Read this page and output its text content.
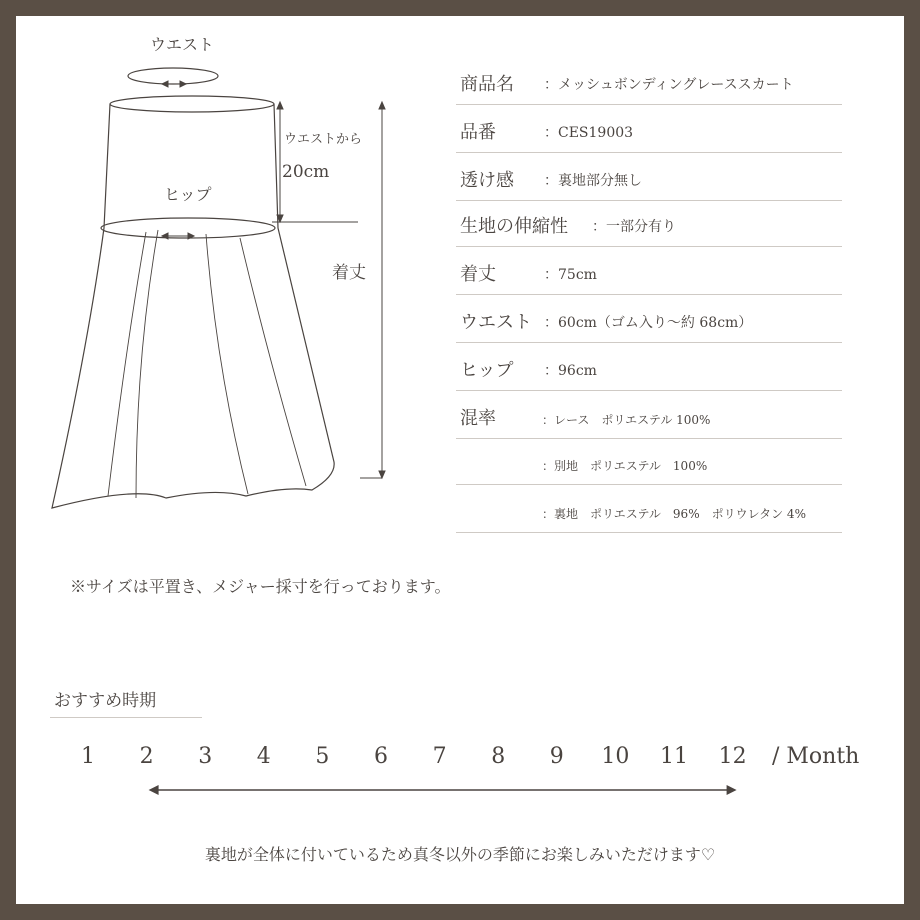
ウエスト
ヒップ
ウエストから
20cm
着丈
商品名 ：メッシュボンディングレーススカート
品番	：CES19003
透け感 ：裏地部分無し
生地の伸縮性 ：一部分有り
着丈	：75cm
ウエスト ：60cm（ゴム入り～約 68cm）
ヒップ ：96cm
混率	：レース　ポリエステル 100%
：別地　ポリエステル　100%
：裏地　ポリエステル　96%　ポリウレタン 4%
※サイズは平置き、メジャー採寸を行っております。
おすすめ時期
1 2 3 4 5 6 7 8 9 10 11 12 / Month
裏地が全体に付いているため真冬以外の季節にお楽しみいただけます♡
